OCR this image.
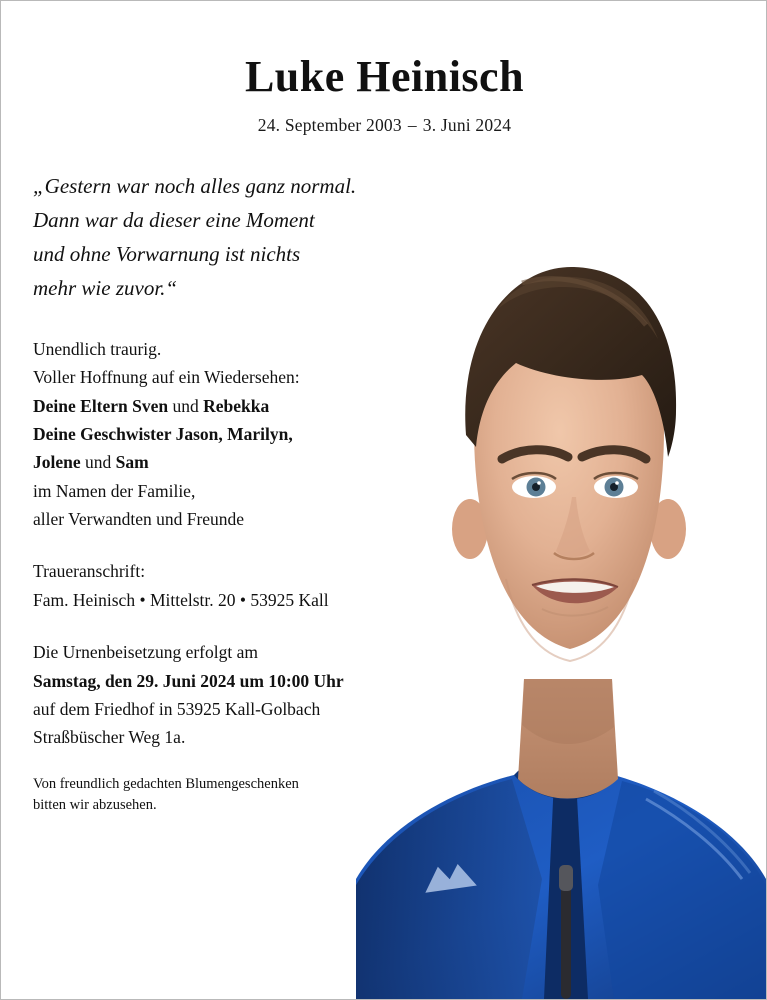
Luke Heinisch
24. September 2003 – 3. Juni 2024
„Gestern war noch alles ganz normal.
Dann war da dieser eine Moment
und ohne Vorwarnung ist nichts
mehr wie zuvor.“
Unendlich traurig.
Voller Hoffnung auf ein Wiedersehen:
Deine Eltern Sven und Rebekka
Deine Geschwister Jason, Marilyn,
Jolene und Sam
im Namen der Familie,
aller Verwandten und Freunde
Traueranschrift:
Fam. Heinisch • Mittelstr. 20 • 53925 Kall
Die Urnenbeisetzung erfolgt am
Samstag, den 29. Juni 2024 um 10:00 Uhr
auf dem Friedhof in 53925 Kall-Golbach
Straßbüscher Weg 1a.
Von freundlich gedachten Blumengeschenken
bitten wir abzusehen.
